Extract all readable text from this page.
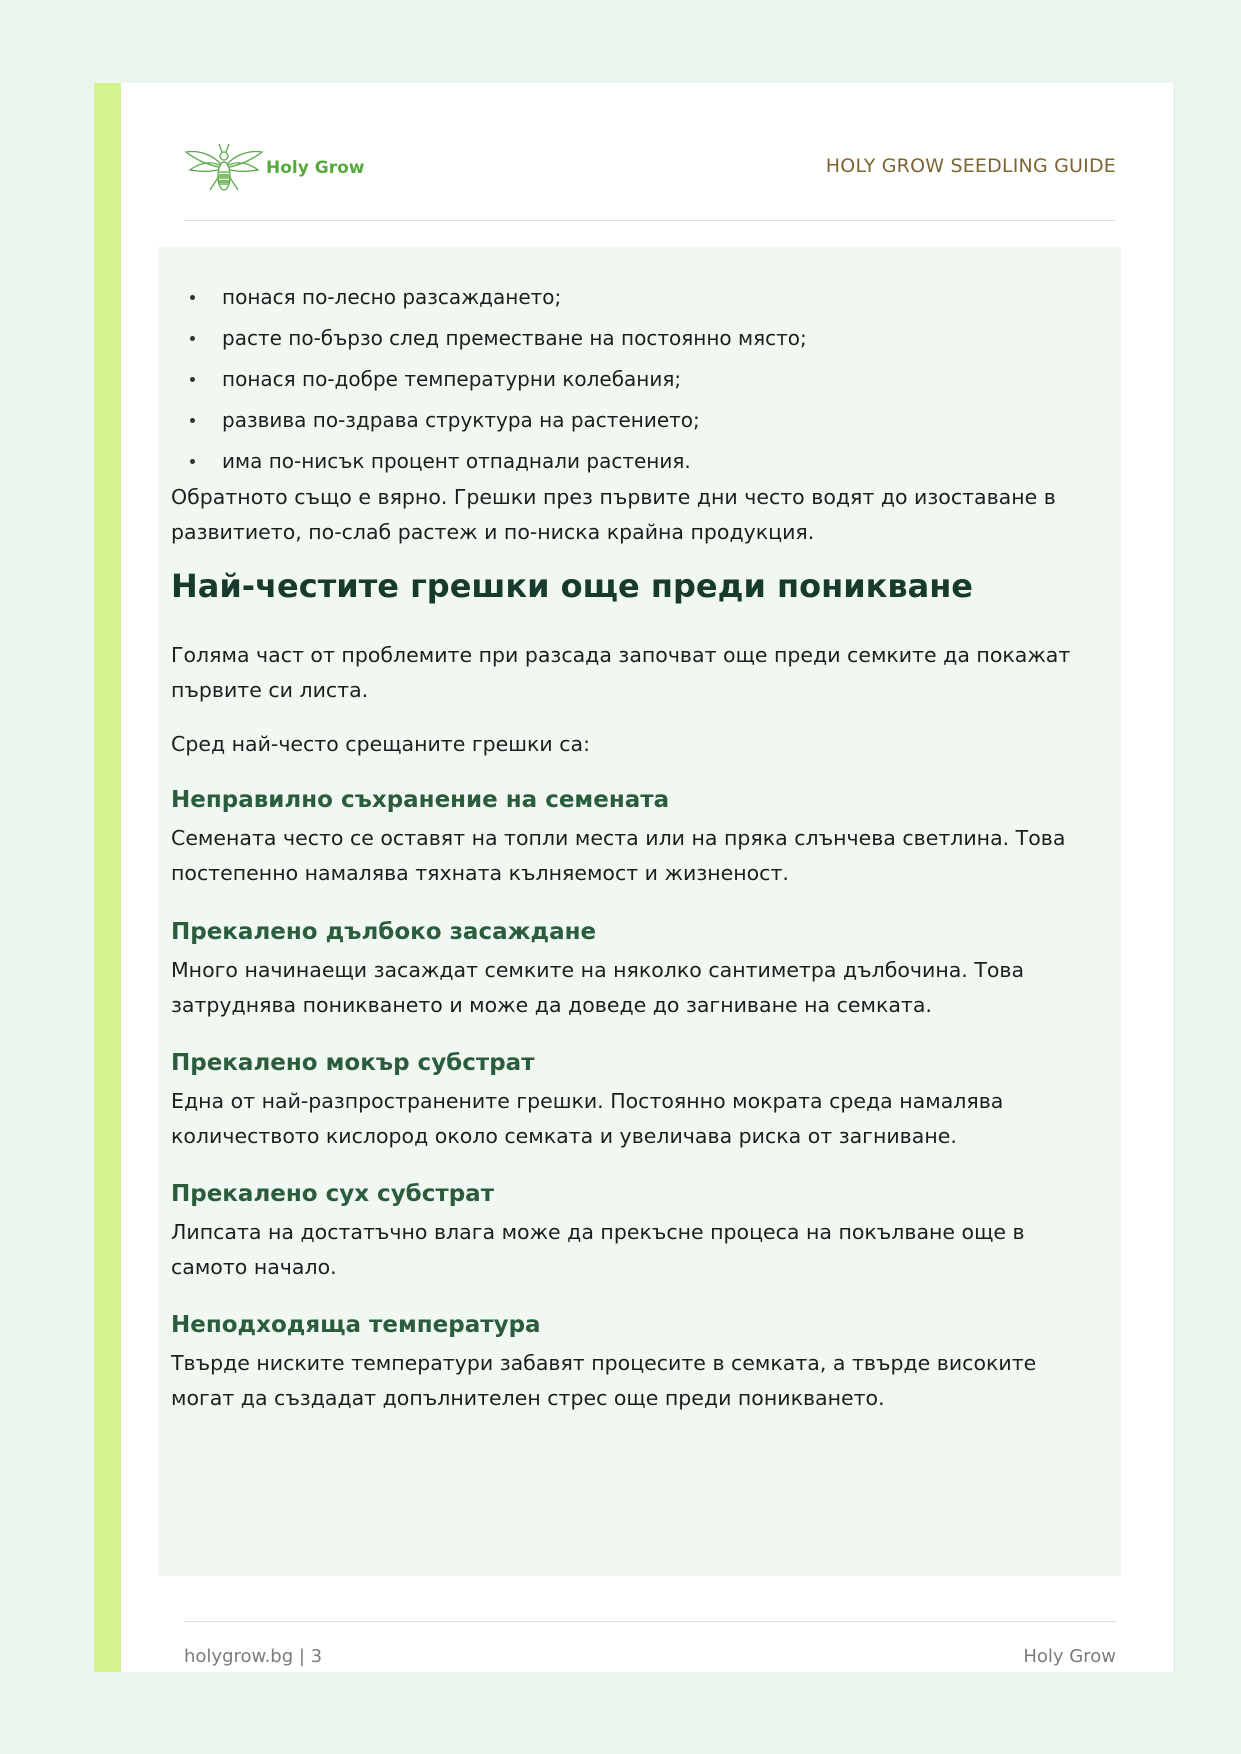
Holy Grow	HOLY GROW SEEDLING GUIDE
понася по-лесно разсаждането;
расте по-бързо след преместване на постоянно място;
понася по-добре температурни колебания;
развива по-здрава структура на растението;
има по-нисък процент отпаднали растения.

Обратното също е вярно. Грешки през първите дни често водят до изоставане в развитието, по-слаб растеж и по-ниска крайна продукция.

Най-честите грешки още преди поникване

Голяма част от проблемите при разсада започват още преди семките да покажат първите си листа.

Сред най-често срещаните грешки са:

Неправилно съхранение на семената

Семената често се оставят на топли места или на пряка слънчева светлина. Това постепенно намалява тяхната кълняемост и жизненост.

Прекалено дълбоко засаждане

Много начинаещи засаждат семките на няколко сантиметра дълбочина. Това затруднява поникването и може да доведе до загниване на семката.

Прекалено мокър субстрат

Една от най-разпространените грешки. Постоянно мократа среда намалява количеството кислород около семката и увеличава риска от загниване.

Прекалено сух субстрат

Липсата на достатъчно влага може да прекъсне процеса на покълване още в самото начало.

Неподходяща температура

Твърде ниските температури забавят процесите в семката, а твърде високите могат да създадат допълнителен стрес още преди поникването.

holygrow.bg | 3	Holy Grow
